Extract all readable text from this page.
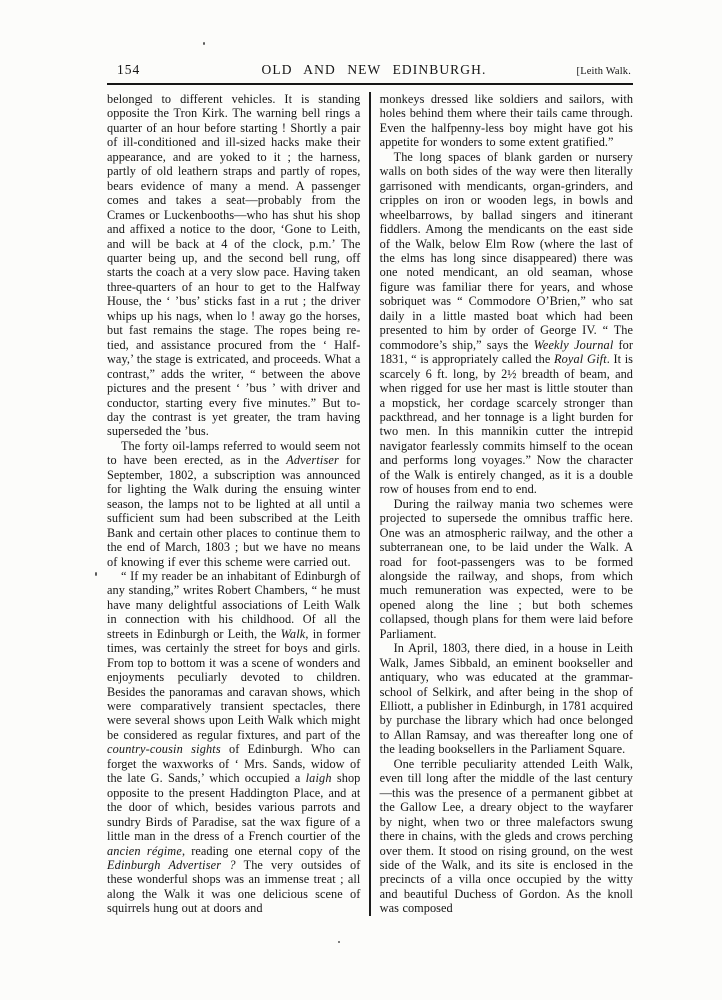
154	OLD AND NEW EDINBURGH.	[Leith Walk.

belonged to different vehicles. It is standing opposite the Tron Kirk. The warning bell rings a quarter of an hour before starting ! Shortly a pair of ill-conditioned and ill-sized hacks make their appearance, and are yoked to it ; the harness, partly of old leathern straps and partly of ropes, bears evidence of many a mend. A passenger comes and takes a seat—probably from the Crames or Luckenbooths—who has shut his shop and affixed a notice to the door, ‘Gone to Leith, and will be back at 4 of the clock, p.m.’ The quarter being up, and the second bell rung, off starts the coach at a very slow pace. Having taken three-quarters of an hour to get to the Halfway House, the ‘ ’bus’ sticks fast in a rut ; the driver whips up his nags, when lo ! away go the horses, but fast remains the stage. The ropes being re-tied, and assistance procured from the ‘ Half-way,’ the stage is extricated, and proceeds. What a contrast,” adds the writer, “ between the above pictures and the present ‘ ’bus ’ with driver and conductor, starting every five minutes.” But to-day the contrast is yet greater, the tram having superseded the ’bus.

The forty oil-lamps referred to would seem not to have been erected, as in the Advertiser for September, 1802, a subscription was announced for lighting the Walk during the ensuing winter season, the lamps not to be lighted at all until a sufficient sum had been subscribed at the Leith Bank and certain other places to continue them to the end of March, 1803 ; but we have no means of knowing if ever this scheme were carried out.

“ If my reader be an inhabitant of Edinburgh of any standing,” writes Robert Chambers, “ he must have many delightful associations of Leith Walk in connection with his childhood. Of all the streets in Edinburgh or Leith, the Walk, in former times, was certainly the street for boys and girls. From top to bottom it was a scene of wonders and enjoyments peculiarly devoted to children. Besides the panoramas and caravan shows, which were comparatively transient spectacles, there were several shows upon Leith Walk which might be considered as regular fixtures, and part of the country-cousin sights of Edinburgh. Who can forget the waxworks of ‘ Mrs. Sands, widow of the late G. Sands,’ which occupied a laigh shop opposite to the present Haddington Place, and at the door of which, besides various parrots and sundry Birds of Paradise, sat the wax figure of a little man in the dress of a French courtier of the ancien régime, reading one eternal copy of the Edinburgh Advertiser ? The very outsides of these wonderful shops was an immense treat ; all along the Walk it was one delicious scene of squirrels hung out at doors and

monkeys dressed like soldiers and sailors, with holes behind them where their tails came through. Even the halfpenny-less boy might have got his appetite for wonders to some extent gratified.”

The long spaces of blank garden or nursery walls on both sides of the way were then literally garrisoned with mendicants, organ-grinders, and cripples on iron or wooden legs, in bowls and wheelbarrows, by ballad singers and itinerant fiddlers. Among the mendicants on the east side of the Walk, below Elm Row (where the last of the elms has long since disappeared) there was one noted mendicant, an old seaman, whose figure was familiar there for years, and whose sobriquet was “ Commodore O’Brien,” who sat daily in a little masted boat which had been presented to him by order of George IV. “ The commodore’s ship,” says the Weekly Journal for 1831, “ is appropriately called the Royal Gift. It is scarcely 6 ft. long, by 2½ breadth of beam, and when rigged for use her mast is little stouter than a mopstick, her cordage scarcely stronger than packthread, and her tonnage is a light burden for two men. In this mannikin cutter the intrepid navigator fearlessly commits himself to the ocean and performs long voyages.” Now the character of the Walk is entirely changed, as it is a double row of houses from end to end.

During the railway mania two schemes were projected to supersede the omnibus traffic here. One was an atmospheric railway, and the other a subterranean one, to be laid under the Walk. A road for foot-passengers was to be formed alongside the railway, and shops, from which much remuneration was expected, were to be opened along the line ; but both schemes collapsed, though plans for them were laid before Parliament.

In April, 1803, there died, in a house in Leith Walk, James Sibbald, an eminent bookseller and antiquary, who was educated at the grammar-school of Selkirk, and after being in the shop of Elliott, a publisher in Edinburgh, in 1781 acquired by purchase the library which had once belonged to Allan Ramsay, and was thereafter long one of the leading booksellers in the Parliament Square.

One terrible peculiarity attended Leith Walk, even till long after the middle of the last century—this was the presence of a permanent gibbet at the Gallow Lee, a dreary object to the wayfarer by night, when two or three malefactors swung there in chains, with the gleds and crows perching over them. It stood on rising ground, on the west side of the Walk, and its site is enclosed in the precincts of a villa once occupied by the witty and beautiful Duchess of Gordon. As the knoll was composed
